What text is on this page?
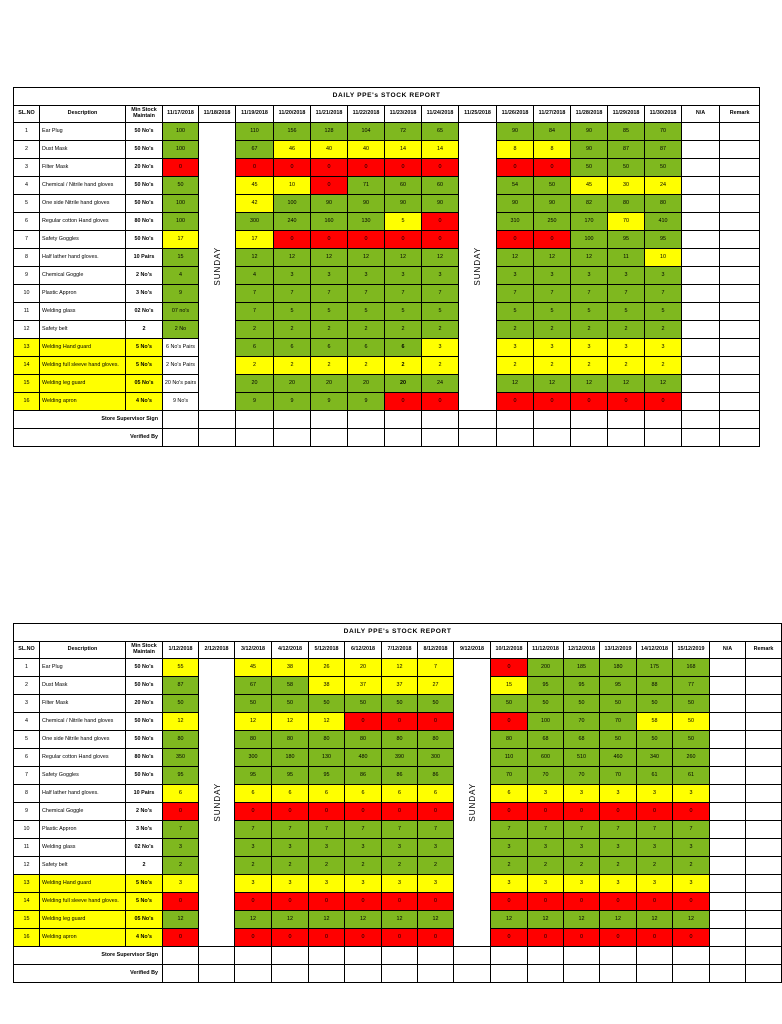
DAILY PPE's STOCK REPORT																		
SL.NO	Description	Min Stock Maintain	11/17/2018	11/18/2018	11/19/2018	11/20/2018	11/21/2018	11/22/2018	11/23/2018	11/24/2018	11/25/2018	11/26/2018	11/27/2018	11/28/2018	11/29/2018	11/30/2018	N/A	Remark
1	Ear Plug	50 No's	100	SUNDAY	110	156	128	104	72	65	SUNDAY	90	84	90	85	70		
2	Dust Mask	50 No's	100		67	46	40	40	14	14		8	8	90	87	87		
3	Filter Mask	20 No's	0		0	0	0	0	0	0		0	0	50	50	50		
4	Chemical / Nitrile hand gloves	50 No's	50		45	10	0	71	60	60		54	50	45	30	24		
5	One side Nitrile hand gloves	50 No's	100		42	100	90	90	90	90		90	90	82	80	80		
6	Regular cotton Hand gloves	80 No's	100		300	240	160	130	5	0		310	250	170	70	410		
7	Safety Goggles	50 No's	17		17	0	0	0	0	0		0	0	100	95	95		
8	Half lather hand gloves.	10 Pairs	15		12	12	12	12	12	12		12	12	12	11	10		
9	Chemical Goggle	2 No's	4		4	3	3	3	3	3		3	3	3	3	3		
10	Plastic Appron	3 No's	9		7	7	7	7	7	7		7	7	7	7	7		
11	Welding glass	02 No's	07 no's		7	5	5	5	5	5		5	5	5	5	5		
12	Safety belt	2	2 No		2	2	2	2	2	2		2	2	2	2	2		
13	Welding Hand guard	5 No's	6 No's Pairs		6	6	6	6	6	3		3	3	3	3	3		
14	Welding full sleeve hand gloves.	5 No's	2 No's Pairs		2	2	2	2	2	2		2	2	2	2	2		
15	Welding leg guard	05 No's	20 No's pairs		20	20	20	20	20	24		12	12	12	12	12		
16	Welding apron	4 No's	9 No's		9	9	9	9	0	0		0	0	0	0	0		
Store Supervisor Sign																		
Verified By																		
DAILY PPE's STOCK REPORT																			
SL.NO	Description	Min Stock Maintain	1/12/2018	2/12/2018	3/12/2018	4/12/2018	5/12/2018	6/12/2018	7/12/2018	8/12/2018	9/12/2018	10/12/2018	11/12/2018	12/12/2018	13/12/2019	14/12/2018	15/12/2019	N/A	Remark
1	Ear Plug	50 No's	55	SUNDAY	45	38	26	20	12	7	SUNDAY	0	200	185	180	175	168		
2	Dust Mask	50 No's	87		67	58	38	37	37	27		15	95	95	95	88	77		
3	Filter Mask	20 No's	50		50	50	50	50	50	50		50	50	50	50	50	50		
4	Chemical / Nitrile hand gloves	50 No's	12		12	12	12	0	0	0		0	100	70	70	58	50		
5	One side Nitrile hand gloves	50 No's	80		80	80	80	80	80	80		80	68	68	50	50	50		
6	Regular cotton Hand gloves	80 No's	350		300	180	130	480	390	300		110	600	510	460	340	260		
7	Safety Goggles	50 No's	95		95	95	95	86	86	86		70	70	70	70	61	61		
8	Half lather hand gloves.	10 Pairs	6		6	6	6	6	6	6		6	3	3	3	3	3		
9	Chemical Goggle	2 No's	0		0	0	0	0	0	0		0	0	0	0	0	0		
10	Plastic Appron	3 No's	7		7	7	7	7	7	7		7	7	7	7	7	7		
11	Welding glass	02 No's	3		3	3	3	3	3	3		3	3	3	3	3	3		
12	Safety belt	2	2		2	2	2	2	2	2		2	2	2	2	2	2		
13	Welding Hand guard	5 No's	3		3	3	3	3	3	3		3	3	3	3	3	3		
14	Welding full sleeve hand gloves.	5 No's	0		0	0	0	0	0	0		0	0	0	0	0	0		
15	Welding leg guard	05 No's	12		12	12	12	12	12	12		12	12	12	12	12	12		
16	Welding apron	4 No's	0		0	0	0	0	0	0		0	0	0	0	0	0		
Store Supervisor Sign																			
Verified By																			
